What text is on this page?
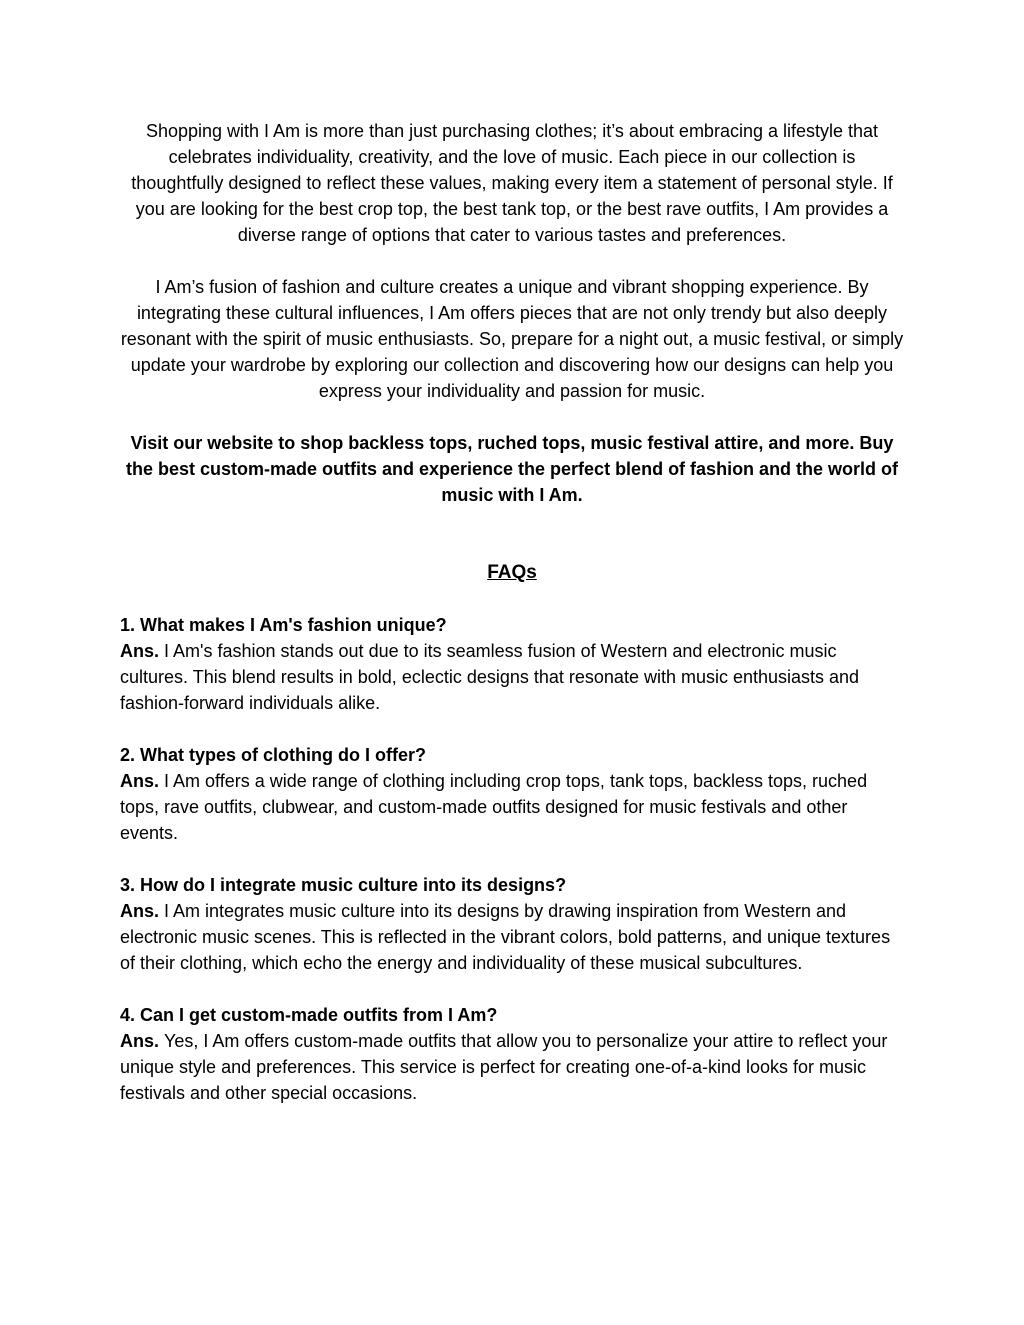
Shopping with I Am is more than just purchasing clothes; it’s about embracing a lifestyle that celebrates individuality, creativity, and the love of music. Each piece in our collection is thoughtfully designed to reflect these values, making every item a statement of personal style. If you are looking for the best crop top, the best tank top, or the best rave outfits, I Am provides a diverse range of options that cater to various tastes and preferences.

I Am’s fusion of fashion and culture creates a unique and vibrant shopping experience. By integrating these cultural influences, I Am offers pieces that are not only trendy but also deeply resonant with the spirit of music enthusiasts. So, prepare for a night out, a music festival, or simply update your wardrobe by exploring our collection and discovering how our designs can help you express your individuality and passion for music.

Visit our website to shop backless tops, ruched tops, music festival attire, and more. Buy the best custom-made outfits and experience the perfect blend of fashion and the world of music with I Am.

FAQs
1. What makes I Am's fashion unique?
Ans. I Am's fashion stands out due to its seamless fusion of Western and electronic music cultures. This blend results in bold, eclectic designs that resonate with music enthusiasts and fashion-forward individuals alike.
2. What types of clothing do I offer?
Ans. I Am offers a wide range of clothing including crop tops, tank tops, backless tops, ruched tops, rave outfits, clubwear, and custom-made outfits designed for music festivals and other events.
3. How do I integrate music culture into its designs?
Ans. I Am integrates music culture into its designs by drawing inspiration from Western and electronic music scenes. This is reflected in the vibrant colors, bold patterns, and unique textures of their clothing, which echo the energy and individuality of these musical subcultures.
4. Can I get custom-made outfits from I Am?
Ans. Yes, I Am offers custom-made outfits that allow you to personalize your attire to reflect your unique style and preferences. This service is perfect for creating one-of-a-kind looks for music festivals and other special occasions.
